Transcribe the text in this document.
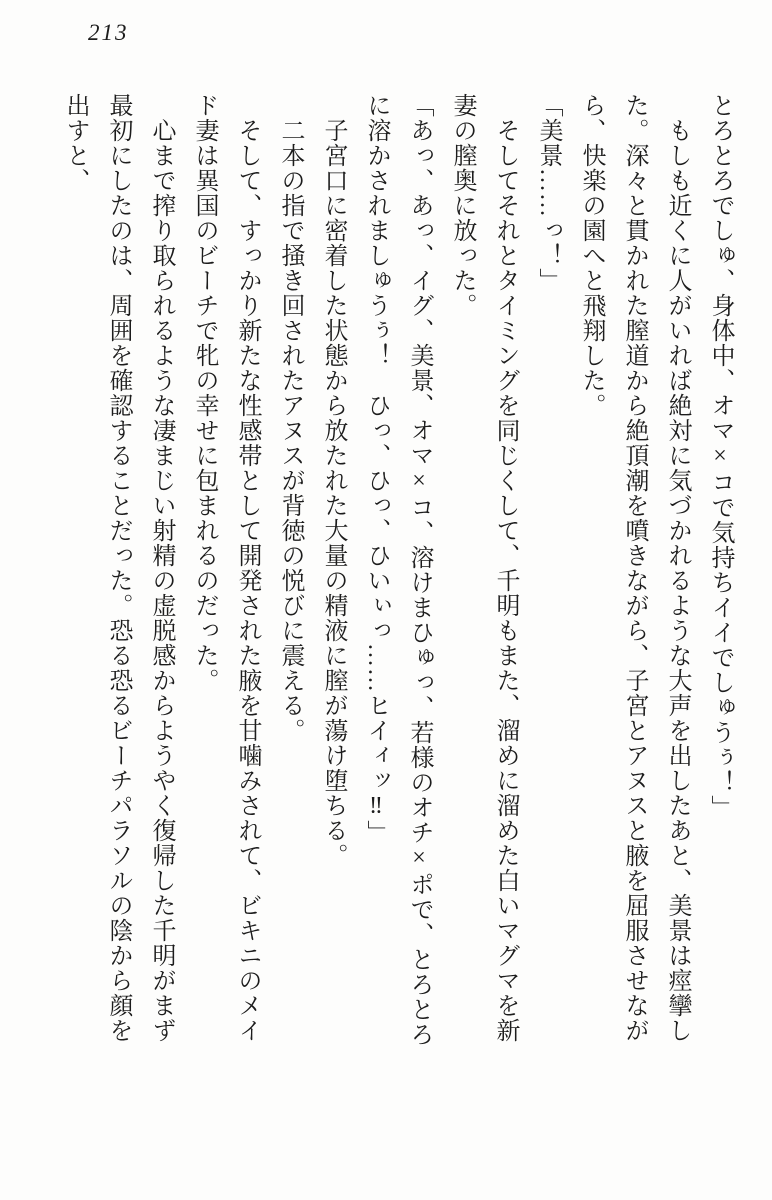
213
とろとろでしゅ、身体中、オマ×コで気持ちイイでしゅうぅ！」
　もしも近くに人がいれば絶対に気づかれるような大声を出したあと、美景は痙攣し
た。深々と貫かれた膣道から絶頂潮を噴きながら、子宮とアヌスと腋を屈服させなが
ら、快楽の園へと飛翔した。
「美景……っ！」
　そしてそれとタイミングを同じくして、千明もまた、溜めに溜めた白いマグマを新
妻の膣奥に放った。
「あっ、あっ、イグ、美景、オマ×コ、溶けまひゅっ、若様のオチ×ポで、とろとろ
に溶かされましゅうぅ！　ひっ、ひっ、ひいぃっ……ヒイィッ‼」
　子宮口に密着した状態から放たれた大量の精液に膣が蕩け堕ちる。
　二本の指で掻き回されたアヌスが背徳の悦びに震える。
　そして、すっかり新たな性感帯として開発された腋を甘噛みされて、ビキニのメイ
ド妻は異国のビーチで牝の幸せに包まれるのだった。
　心まで搾り取られるような凄まじい射精の虚脱感からようやく復帰した千明がまず
最初にしたのは、周囲を確認することだった。恐る恐るビーチパラソルの陰から顔を
出すと、
